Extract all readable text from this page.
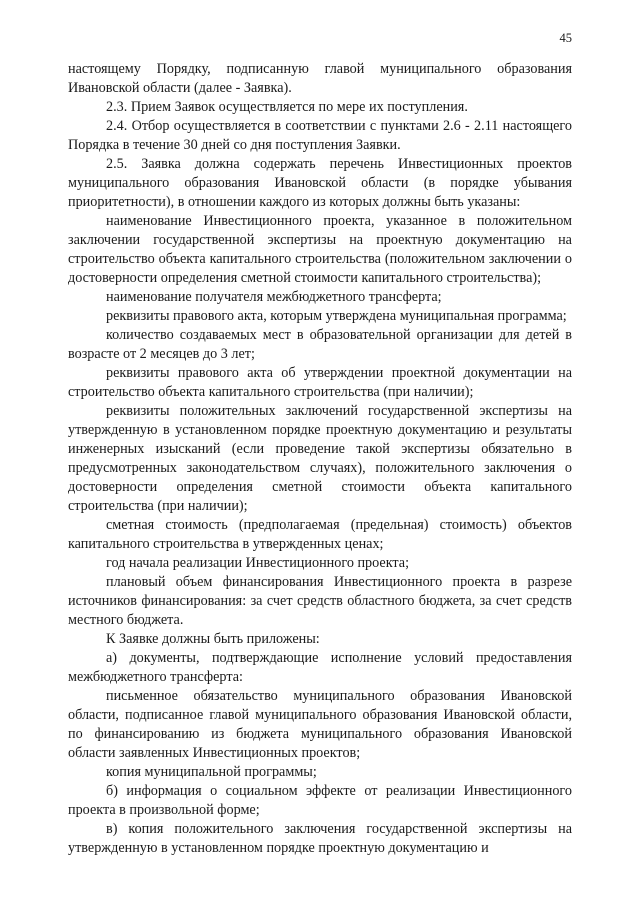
45

настоящему Порядку, подписанную главой муниципального образования Ивановской области (далее - Заявка).

2.3. Прием Заявок осуществляется по мере их поступления.

2.4. Отбор осуществляется в соответствии с пунктами 2.6 - 2.11 настоящего Порядка в течение 30 дней со дня поступления Заявки.

2.5. Заявка должна содержать перечень Инвестиционных проектов муниципального образования Ивановской области (в порядке убывания приоритетности), в отношении каждого из которых должны быть указаны:

наименование Инвестиционного проекта, указанное в положительном заключении государственной экспертизы на проектную документацию на строительство объекта капитального строительства (положительном заключении о достоверности определения сметной стоимости капитального строительства);

наименование получателя межбюджетного трансферта;

реквизиты правового акта, которым утверждена муниципальная программа;

количество создаваемых мест в образовательной организации для детей в возрасте от 2 месяцев до 3 лет;

реквизиты правового акта об утверждении проектной документации на строительство объекта капитального строительства (при наличии);

реквизиты положительных заключений государственной экспертизы на утвержденную в установленном порядке проектную документацию и результаты инженерных изысканий (если проведение такой экспертизы обязательно в предусмотренных законодательством случаях), положительного заключения о достоверности определения сметной стоимости объекта капитального строительства (при наличии);

сметная стоимость (предполагаемая (предельная) стоимость) объектов капитального строительства в утвержденных ценах;

год начала реализации Инвестиционного проекта;

плановый объем финансирования Инвестиционного проекта в разрезе источников финансирования: за счет средств областного бюджета, за счет средств местного бюджета.

К Заявке должны быть приложены:

а) документы, подтверждающие исполнение условий предоставления межбюджетного трансферта:

письменное обязательство муниципального образования Ивановской области, подписанное главой муниципального образования Ивановской области, по финансированию из бюджета муниципального образования Ивановской области заявленных Инвестиционных проектов;

копия муниципальной программы;

б) информация о социальном эффекте от реализации Инвестиционного проекта в произвольной форме;

в) копия положительного заключения государственной экспертизы на утвержденную в установленном порядке проектную документацию и
